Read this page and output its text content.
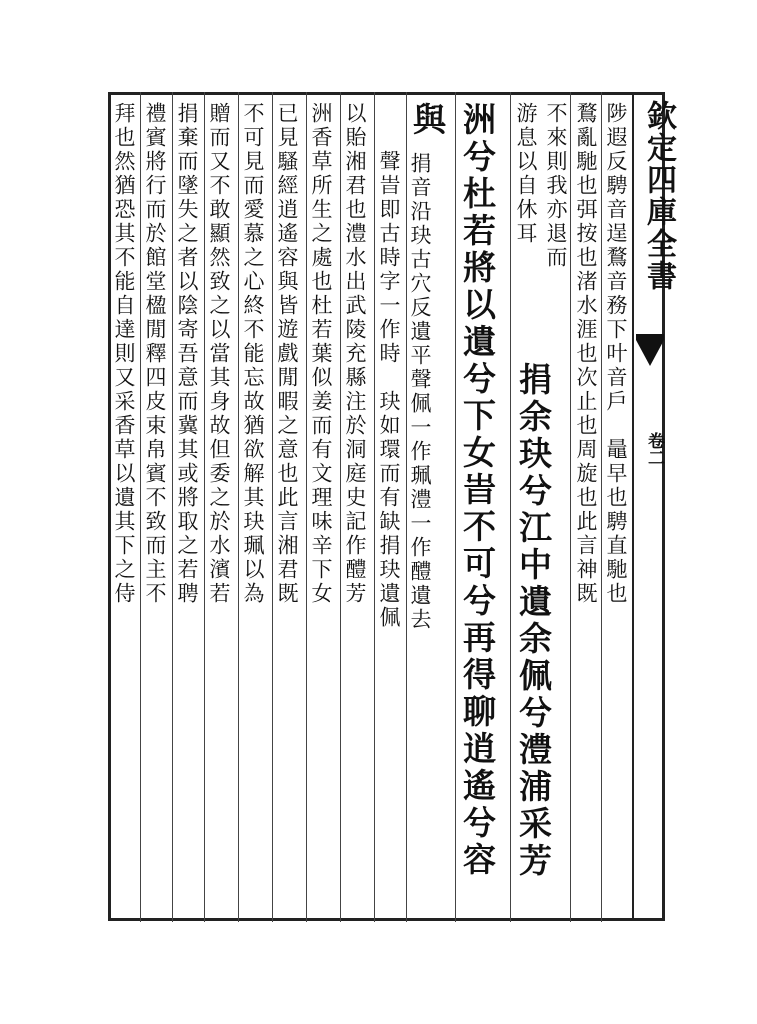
欽定四庫全書
卷二
陟遐反騁音逞鶩音務下叶音戶　鼂早也騁直馳也
鶩亂馳也弭按也渚水涯也次止也周旋也此言神既
不來則我亦退而
游息以自休耳
捐余玦兮江中遺余佩兮澧浦采芳
洲兮杜若將以遺兮下女旹不可兮再得聊逍遙兮容
與
捐音沿玦古穴反遺平聲佩一作珮澧一作醴遺去
聲旹即古時字一作時　玦如環而有缺捐玦遺佩
以貽湘君也澧水出武陵充縣注於洞庭史記作醴芳
洲香草所生之處也杜若葉似姜而有文理味辛下女
已見騷經逍遙容與皆遊戲閒暇之意也此言湘君既
不可見而愛慕之心終不能忘故猶欲解其玦珮以為
贈而又不敢顯然致之以當其身故但委之於水濱若
捐棄而墜失之者以陰寄吾意而冀其或將取之若聘
禮賓將行而於館堂楹閒釋四皮束帛賓不致而主不
拜也然猶恐其不能自達則又采香草以遺其下之侍
